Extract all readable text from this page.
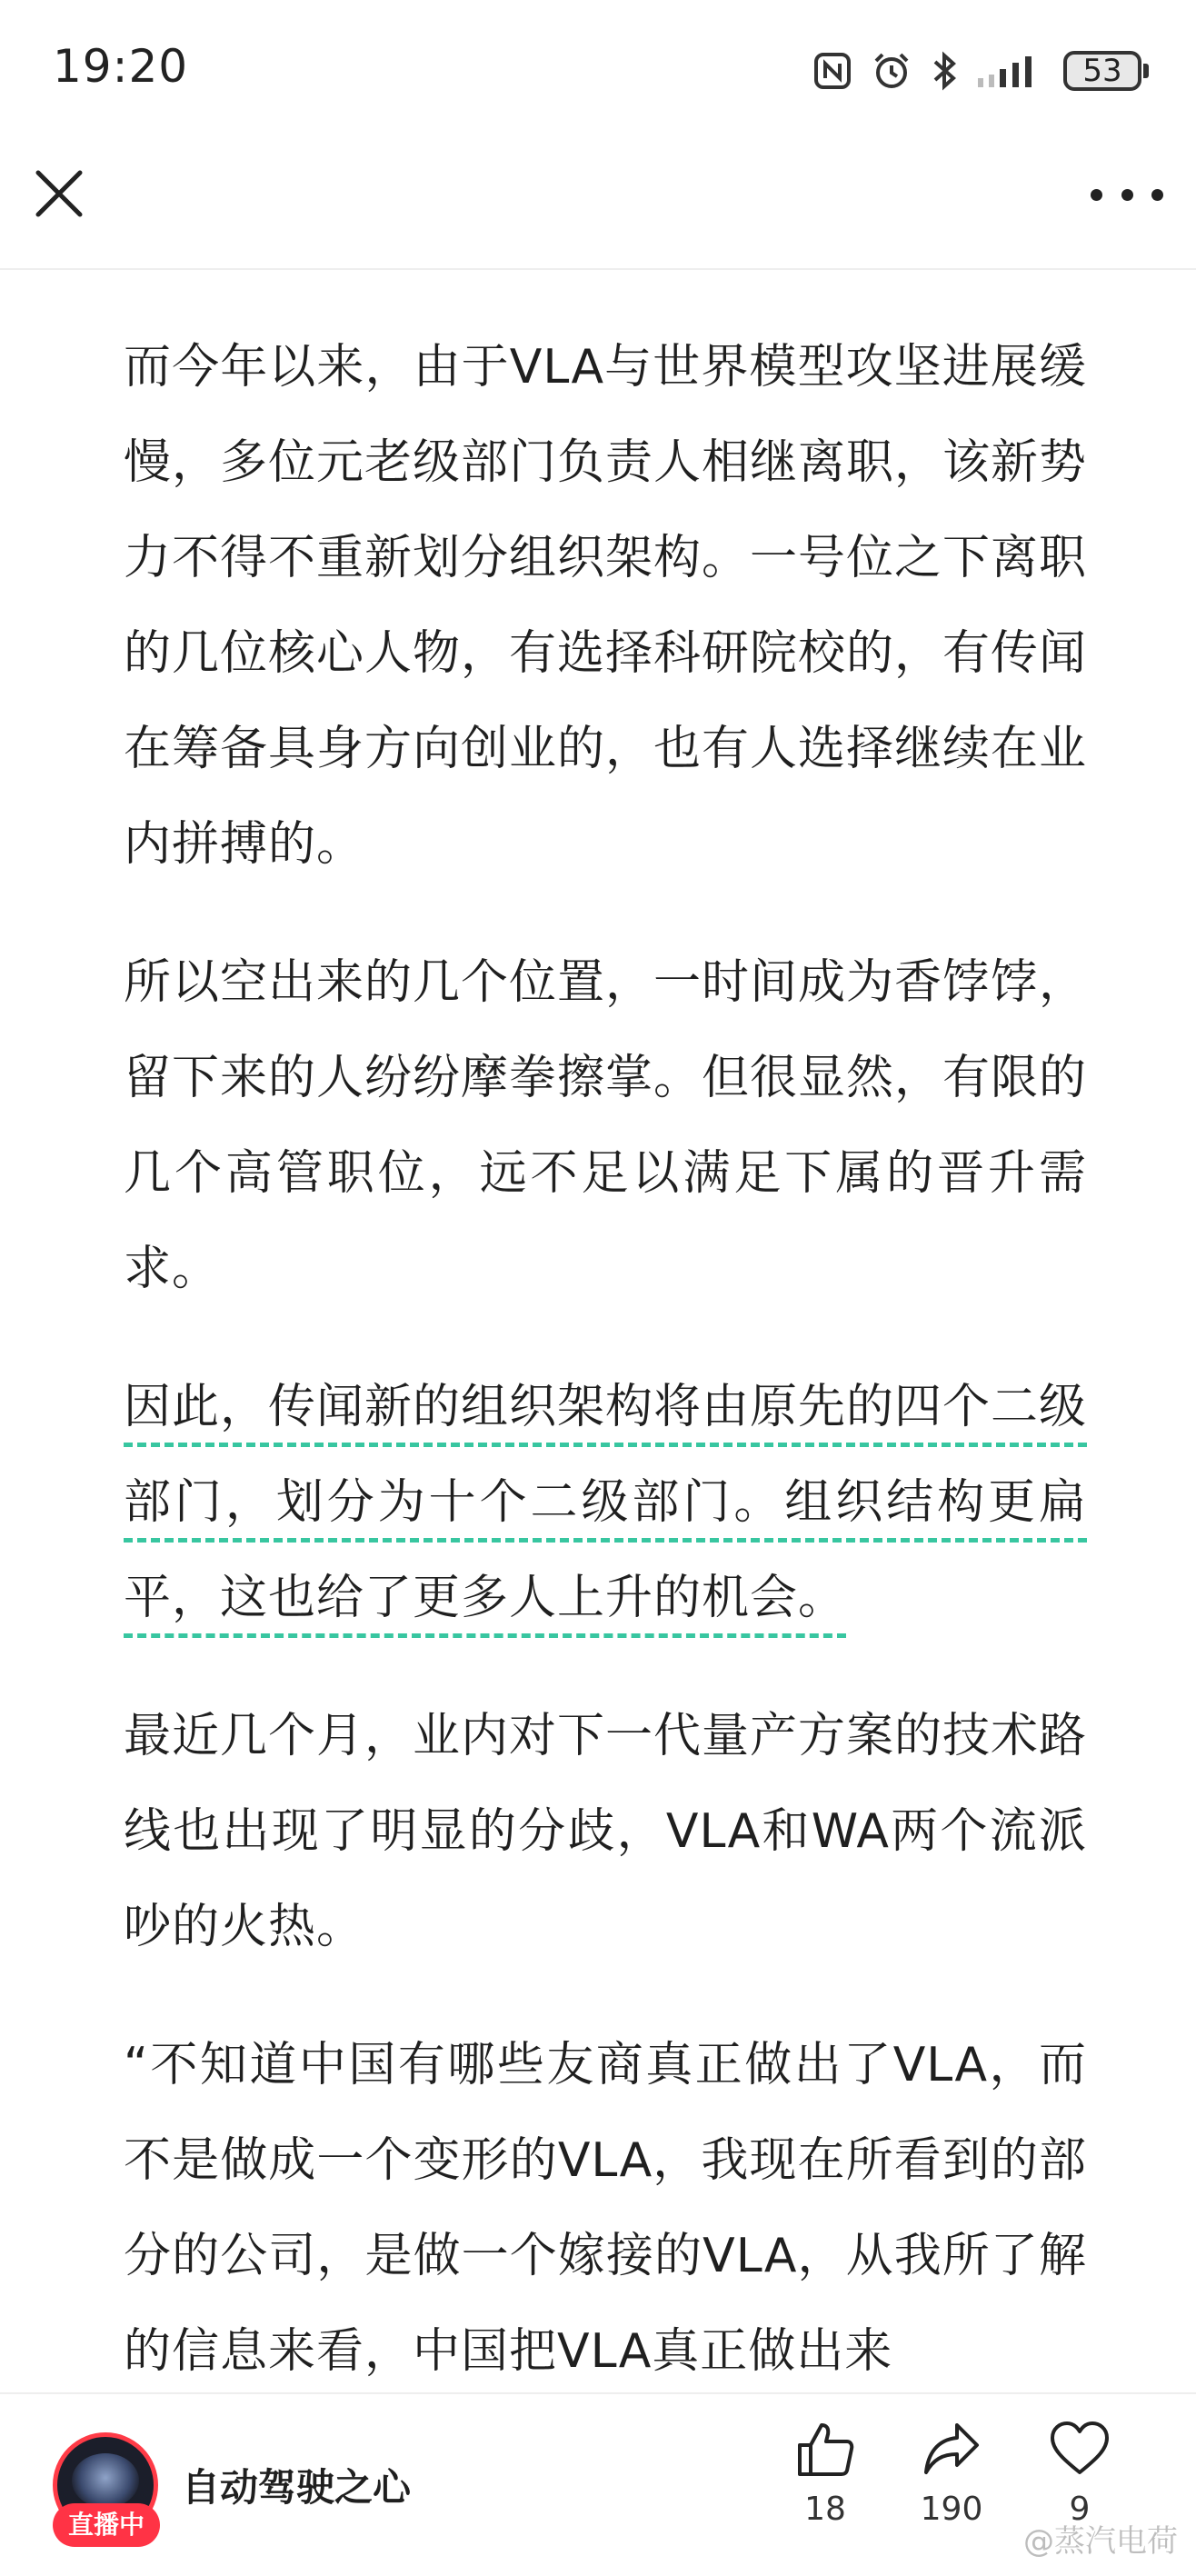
19:20	53

而今年以来，由于VLA与世界模型攻坚进展缓慢，多位元老级部门负责人相继离职，该新势力不得不重新划分组织架构。一号位之下离职的几位核心人物，有选择科研院校的，有传闻在筹备具身方向创业的，也有人选择继续在业内拼搏的。

所以空出来的几个位置，一时间成为香饽饽，留下来的人纷纷摩拳擦掌。但很显然，有限的几个高管职位，远不足以满足下属的晋升需求。

因此，传闻新的组织架构将由原先的四个二级部门，划分为十个二级部门。组织结构更扁平，这也给了更多人上升的机会。

最近几个月，业内对下一代量产方案的技术路线也出现了明显的分歧，VLA和WA两个流派吵的火热。

“不知道中国有哪些友商真正做出了VLA，而不是做成一个变形的VLA，我现在所看到的部分的公司，是做一个嫁接的VLA，从我所了解的信息来看，中国把VLA真正做出来

直播中
自动驾驶之心	18	190	9
@蒸汽电荷
